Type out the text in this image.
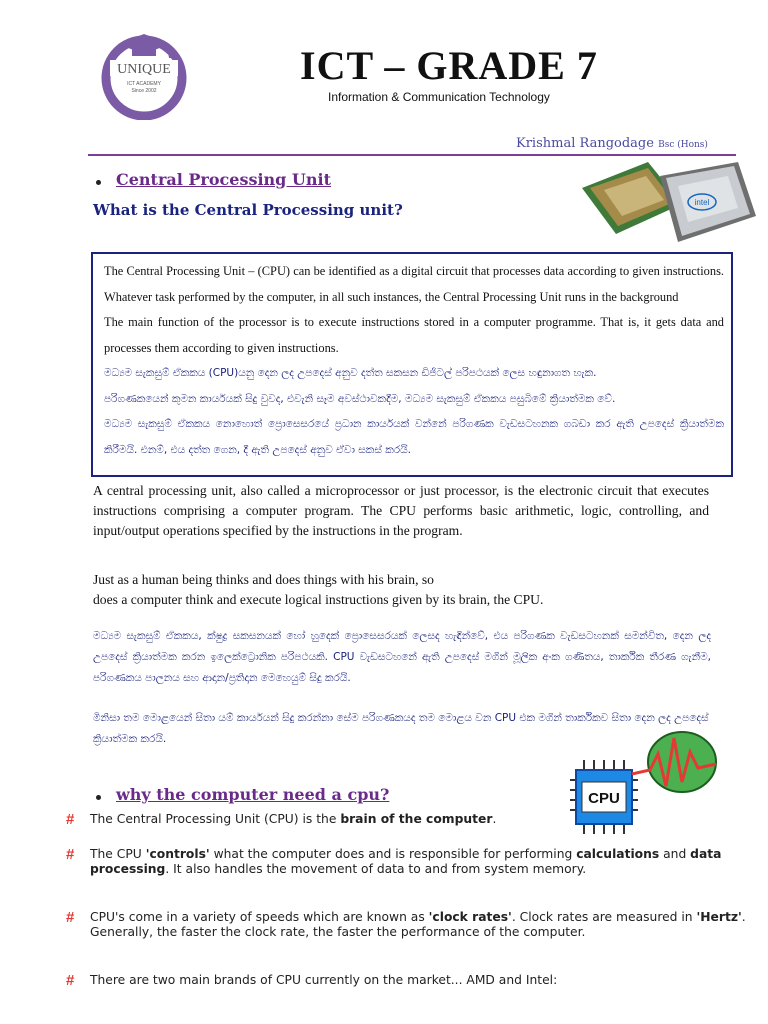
UNIQUE
ICT ACADEMY
Since 2002
ICT – GRADE 7
Information & Communication Technology
Krishmal Rangodage Bsc (Hons)
Central Processing Unit
What is the Central Processing unit?	intel

The Central Processing Unit – (CPU) can be identified as a digital circuit that processes data according to given instructions. Whatever task performed by the computer, in all such instances, the Central Processing Unit runs in the background

The main function of the processor is to execute instructions stored in a computer programme. That is, it gets data and processes them according to given instructions.

මධ්‍යම සැකසුම් ඒකකය (CPU)යනු දෙන ලද උපදෙස් අනුව දත්ත සකසන ඩිජිටල් පරිපථයක් ලෙස හඳුනාගත හැක.

පරිගණකයෙන් කුමන කාර්යයක් සිදු වුවද, එවැනි සෑම අවස්ථාවකදීම, මධ්‍යම සැකසුම් ඒකකය පසුබිමේ ක්‍රියාත්මක වේ.

මධ්‍යම සැකසුම් ඒකකය නොහොත් ප්‍රොසෙසරයේ ප්‍රධාන කාර්යයක් වන්නේ පරිගණක වැඩසටහනක ගබඩා කර ඇති උපදෙස් ක්‍රියාත්මක කිරීමයි. එනම්, එය දත්ත ගෙන, දී ඇති උපදෙස් අනුව ඒවා සකස් කරයි.

A central processing unit, also called a microprocessor or just processor, is the electronic circuit that executes instructions comprising a computer program. The CPU performs basic arithmetic, logic, controlling, and input/output operations specified by the instructions in the program.
Just as a human being thinks and does things with his brain, so
does a computer think and execute logical instructions given by its brain, the CPU.
මධ්‍යම සැකසුම් ඒකකය, ක්ෂුද්‍ර සකසනයක් හෝ හුදෙක් ප්‍රොසෙසරයක් ලෙසද හැඳින්වේ, එය පරිගණක වැඩසටහනක් සමන්විත, දෙන ලද උපදෙස් ක්‍රියාත්මක කරන ඉලෙක්ට්‍රොනික පරිපථයකි. CPU වැඩසටහනේ ඇති උපදෙස් මගින් මූලික අංක ගණිතය, තාර්කික තීරණ ගැනීම, පරිගණකය පාලනය සහ ආදාන/ප්‍රතිදාන මෙහෙයුම් සිදු කරයි.
මිනිසා තම මොළයෙන් සිතා යම් කාර්යයන් සිදු කරන්නා සේම පරිගණකයද තම මොළය වන CPU එක මගින් තාර්කිකව සිතා දෙන ලද උපදෙස් ක්‍රියාත්මක කරයි.
CPU
why the computer need a cpu?
# The Central Processing Unit (CPU) is the brain of the computer.
# The CPU 'controls' what the computer does and is responsible for performing calculations and data processing. It also handles the movement of data to and from system memory.
# CPU's come in a variety of speeds which are known as 'clock rates'. Clock rates are measured in 'Hertz'. Generally, the faster the clock rate, the faster the performance of the computer.
# There are two main brands of CPU currently on the market... AMD and Intel:
